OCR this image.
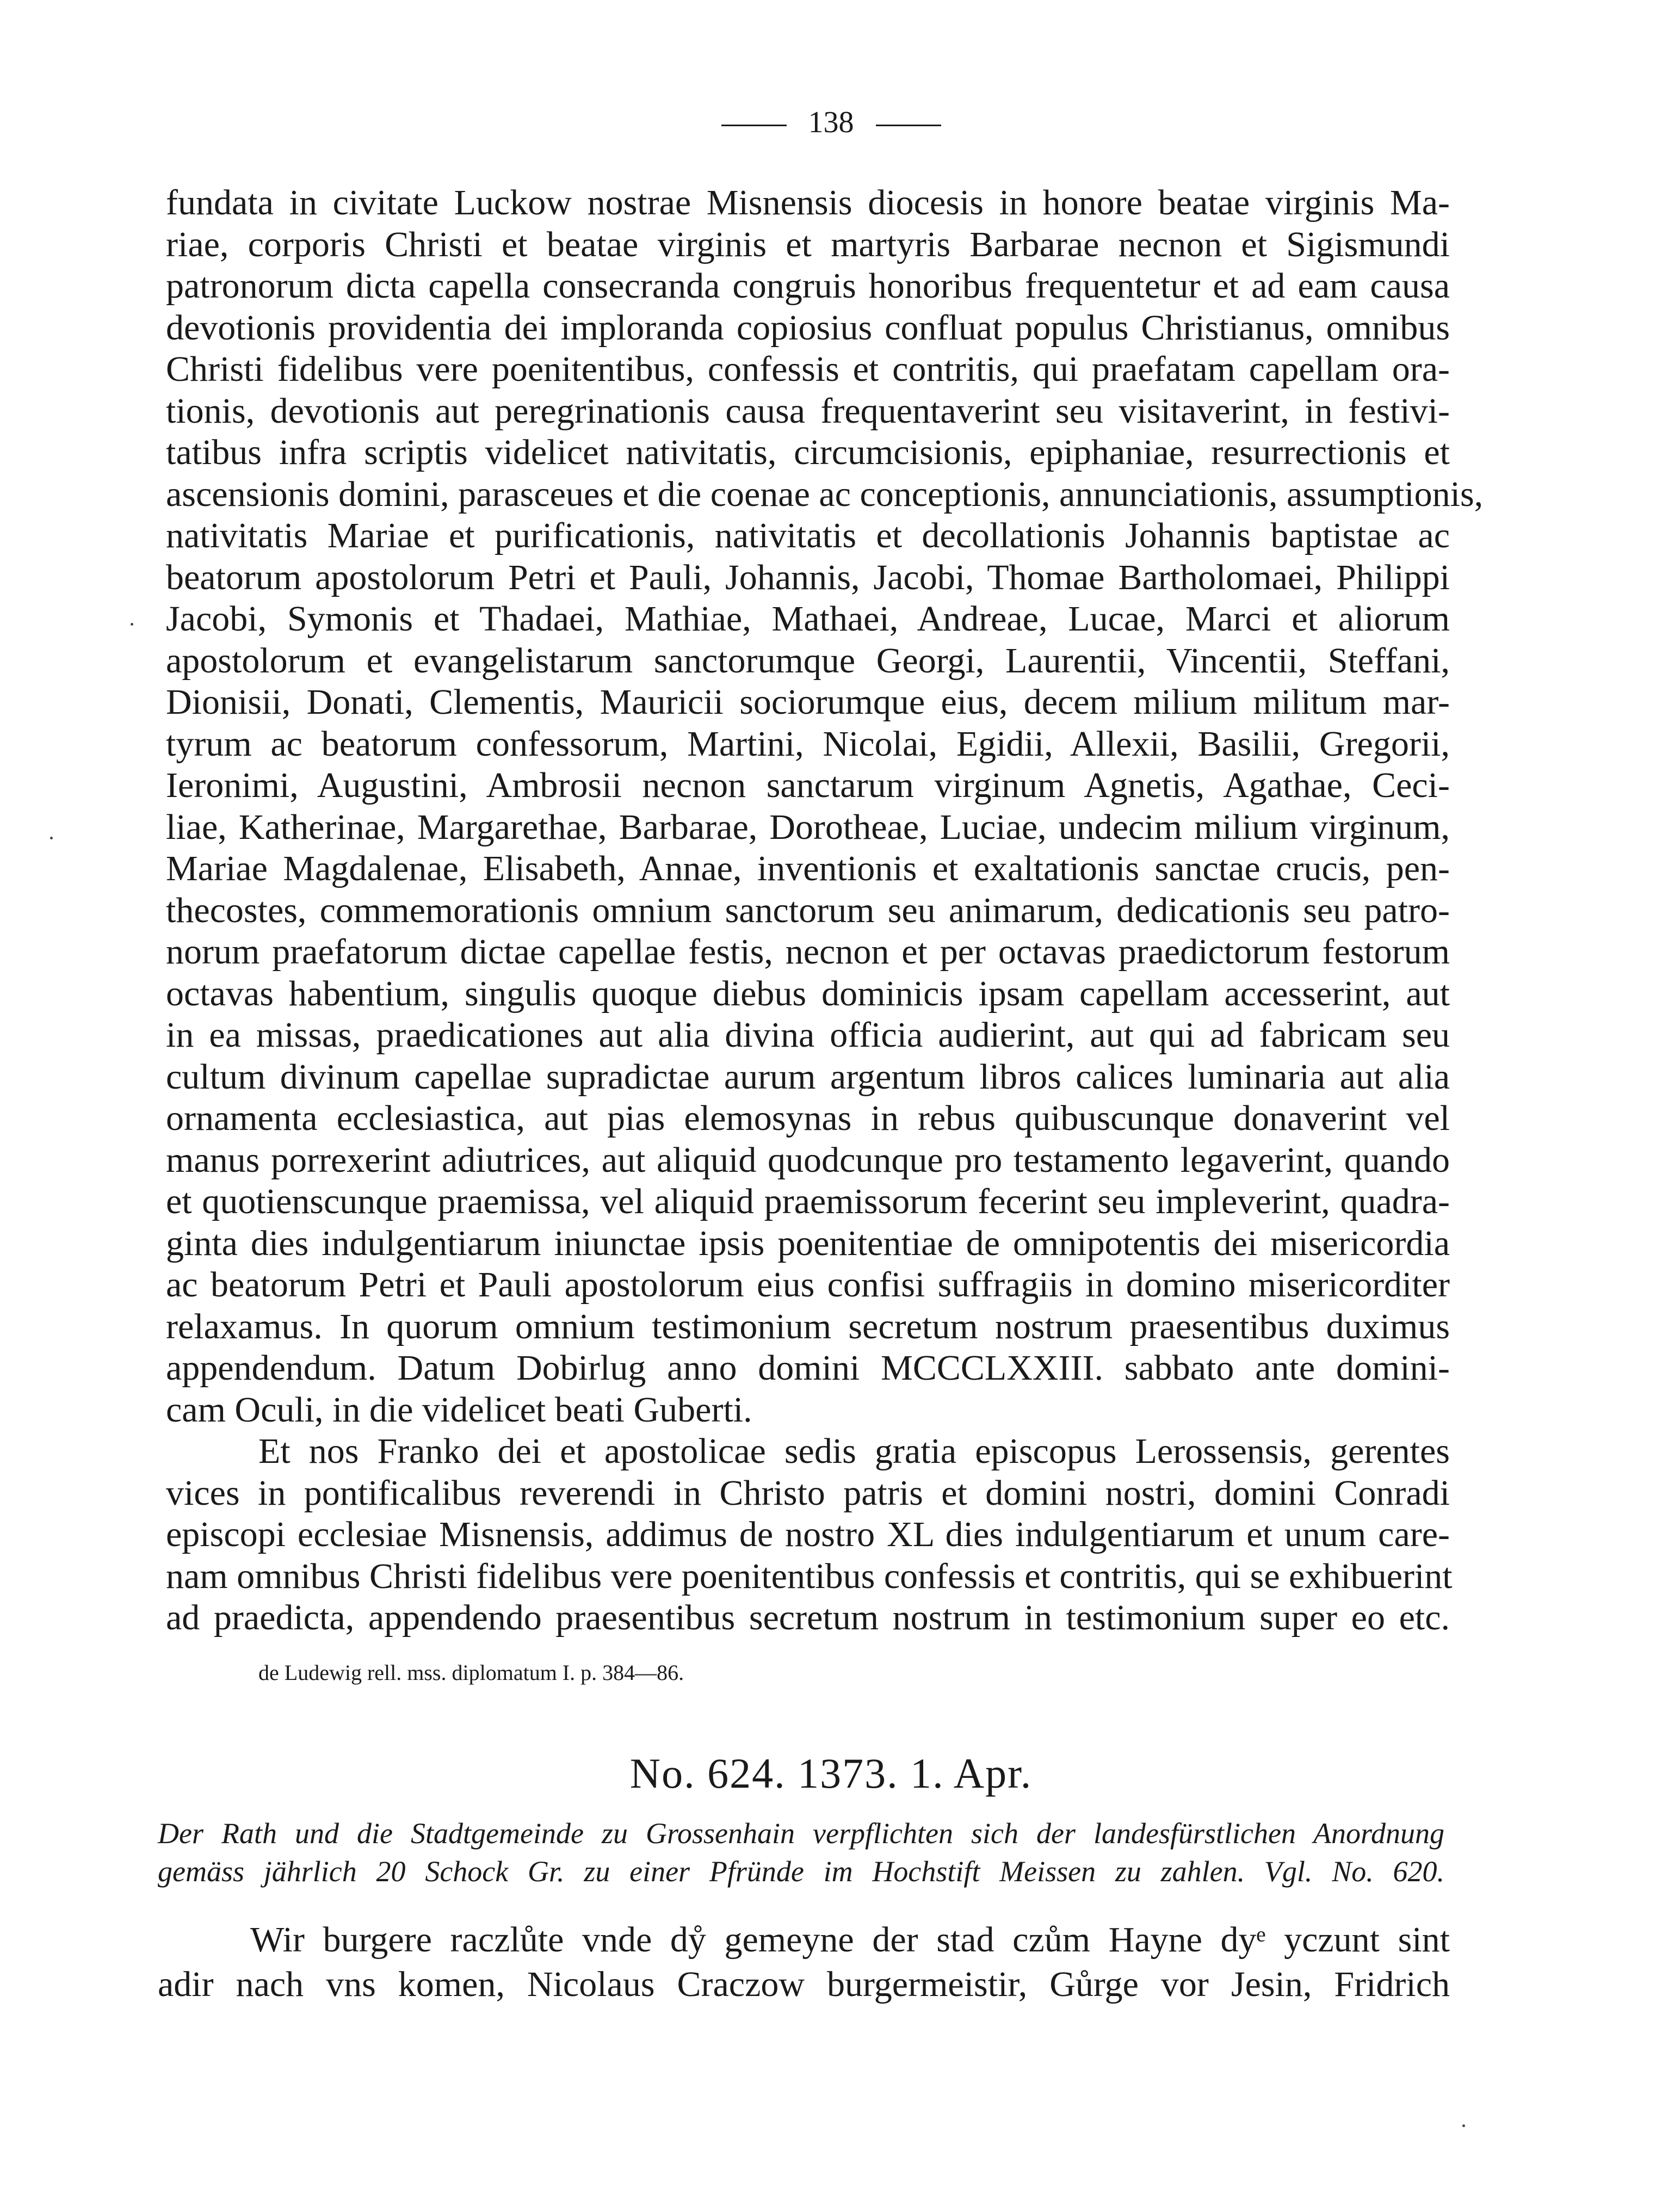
138
fundata in civitate Luckow nostrae Misnensis diocesis in honore beatae virginis Ma-
riae, corporis Christi et beatae virginis et martyris Barbarae necnon et Sigismundi
patronorum dicta capella consecranda congruis honoribus frequentetur et ad eam causa
devotionis providentia dei imploranda copiosius confluat populus Christianus, omnibus
Christi fidelibus vere poenitentibus, confessis et contritis, qui praefatam capellam ora-
tionis, devotionis aut peregrinationis causa frequentaverint seu visitaverint, in festivi-
tatibus infra scriptis videlicet nativitatis, circumcisionis, epiphaniae, resurrectionis et
ascensionis domini, parasceues et die coenae ac conceptionis, annunciationis, assumptionis,
nativitatis Mariae et purificationis, nativitatis et decollationis Johannis baptistae ac
beatorum apostolorum Petri et Pauli, Johannis, Jacobi, Thomae Bartholomaei, Philippi
Jacobi, Symonis et Thadaei, Mathiae, Mathaei, Andreae, Lucae, Marci et aliorum
apostolorum et evangelistarum sanctorumque Georgi, Laurentii, Vincentii, Steffani,
Dionisii, Donati, Clementis, Mauricii sociorumque eius, decem milium militum mar-
tyrum ac beatorum confessorum, Martini, Nicolai, Egidii, Allexii, Basilii, Gregorii,
Ieronimi, Augustini, Ambrosii necnon sanctarum virginum Agnetis, Agathae, Ceci-
liae, Katherinae, Margarethae, Barbarae, Dorotheae, Luciae, undecim milium virginum,
Mariae Magdalenae, Elisabeth, Annae, inventionis et exaltationis sanctae crucis, pen-
thecostes, commemorationis omnium sanctorum seu animarum, dedicationis seu patro-
norum praefatorum dictae capellae festis, necnon et per octavas praedictorum festorum
octavas habentium, singulis quoque diebus dominicis ipsam capellam accesserint, aut
in ea missas, praedicationes aut alia divina officia audierint, aut qui ad fabricam seu
cultum divinum capellae supradictae aurum argentum libros calices luminaria aut alia
ornamenta ecclesiastica, aut pias elemosynas in rebus quibuscunque donaverint vel
manus porrexerint adiutrices, aut aliquid quodcunque pro testamento legaverint, quando
et quotienscunque praemissa, vel aliquid praemissorum fecerint seu impleverint, quadra-
ginta dies indulgentiarum iniunctae ipsis poenitentiae de omnipotentis dei misericordia
ac beatorum Petri et Pauli apostolorum eius confisi suffragiis in domino misericorditer
relaxamus. In quorum omnium testimonium secretum nostrum praesentibus duximus
appendendum. Datum Dobirlug anno domini MCCCLXXIII. sabbato ante domini-
cam Oculi, in die videlicet beati Guberti.
Et nos Franko dei et apostolicae sedis gratia episcopus Lerossensis, gerentes
vices in pontificalibus reverendi in Christo patris et domini nostri, domini Conradi
episcopi ecclesiae Misnensis, addimus de nostro XL dies indulgentiarum et unum care-
nam omnibus Christi fidelibus vere poenitentibus confessis et contritis, qui se exhibuerint
ad praedicta, appendendo praesentibus secretum nostrum in testimonium super eo etc.
de Ludewig rell. mss. diplomatum I. p. 384—86.
No. 624. 1373. 1. Apr.
Der Rath und die Stadtgemeinde zu Grossenhain verpflichten sich der landesfürstlichen Anordnung
gemäss jährlich 20 Schock Gr. zu einer Pfründe im Hochstift Meissen zu zahlen. Vgl. No. 620.
Wir burgere raczlůte vnde dẙ gemeyne der stad czům Hayne dyᵉ yczunt sint
adir nach vns komen, Nicolaus Craczow burgermeistir, Gůrge vor Jesin, Fridrich
